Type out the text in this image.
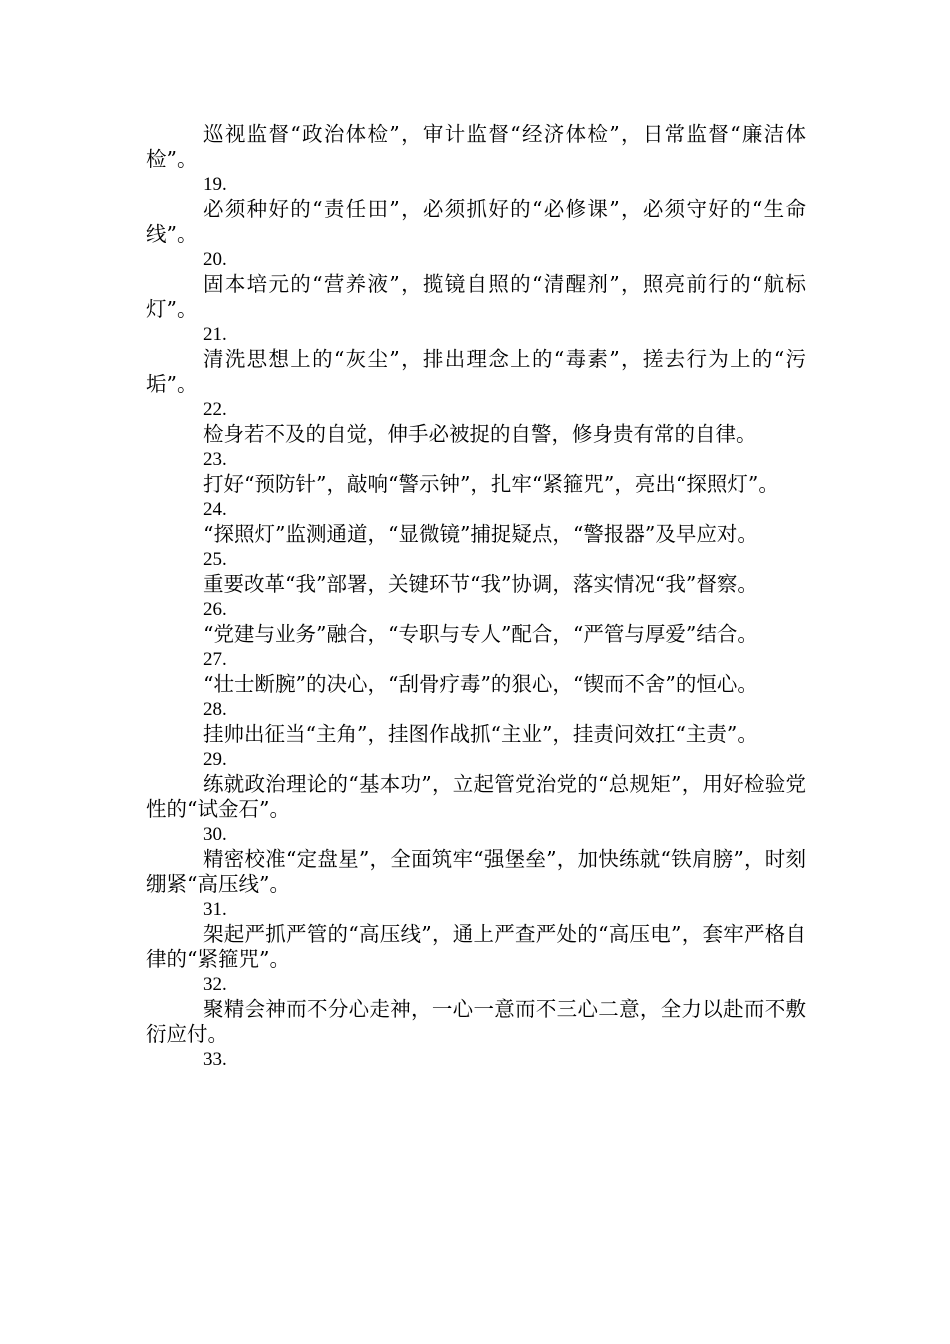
巡视监督“政治体检”，审计监督“经济体检”，日常监督“廉洁体检”。

19.

必须种好的“责任田”，必须抓好的“必修课”，必须守好的“生命线”。

20.

固本培元的“营养液”，揽镜自照的“清醒剂”，照亮前行的“航标灯”。

21.

清洗思想上的“灰尘”，排出理念上的“毒素”，搓去行为上的“污垢”。

22.

检身若不及的自觉，伸手必被捉的自警，修身贵有常的自律。

23.

打好“预防针”，敲响“警示钟”，扎牢“紧箍咒”，亮出“探照灯”。

24.

“探照灯”监测通道，“显微镜”捕捉疑点，“警报器”及早应对。

25.

重要改革“我”部署，关键环节“我”协调，落实情况“我”督察。

26.

“党建与业务”融合，“专职与专人”配合，“严管与厚爱”结合。

27.

“壮士断腕”的决心，“刮骨疗毒”的狠心，“锲而不舍”的恒心。

28.

挂帅出征当“主角”，挂图作战抓“主业”，挂责问效扛“主责”。

29.

练就政治理论的“基本功”，立起管党治党的“总规矩”，用好检验党性的“试金石”。

30.

精密校准“定盘星”，全面筑牢“强堡垒”，加快练就“铁肩膀”，时刻绷紧“高压线”。

31.

架起严抓严管的“高压线”，通上严查严处的“高压电”，套牢严格自律的“紧箍咒”。

32.

聚精会神而不分心走神，一心一意而不三心二意，全力以赴而不敷衍应付。

33.
